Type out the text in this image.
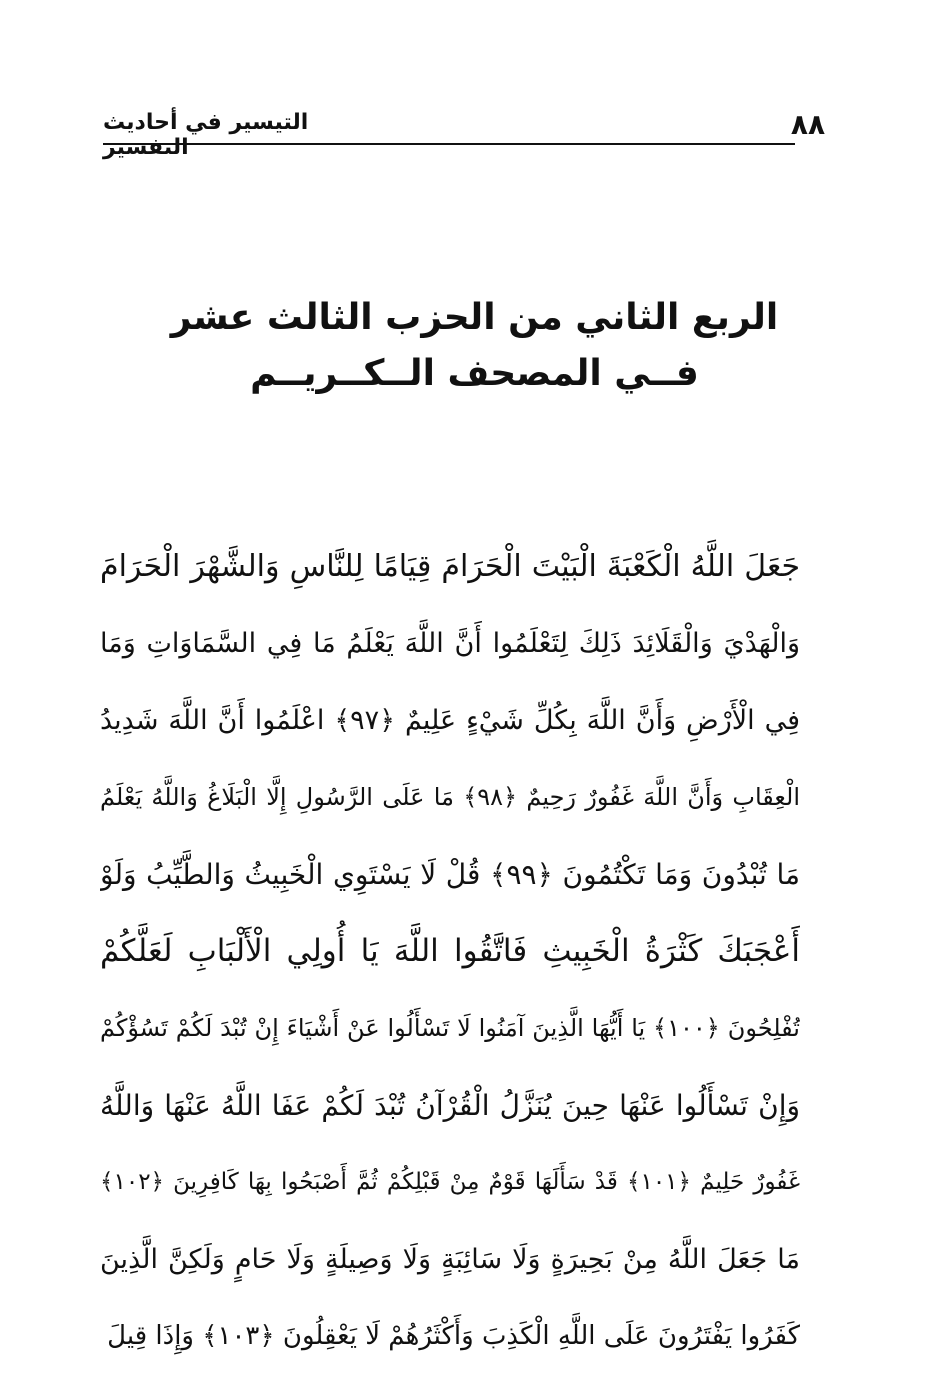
٨٨
التيسير في أحاديث التفسير
الربع الثاني من الحزب الثالث عشر
فــي المصحف الــكــريــم
جَعَلَ اللَّهُ الْكَعْبَةَ الْبَيْتَ الْحَرَامَ قِيَامًا لِلنَّاسِ وَالشَّهْرَ الْحَرَامَ
وَالْهَدْيَ وَالْقَلَائِدَ ذَلِكَ لِتَعْلَمُوا أَنَّ اللَّهَ يَعْلَمُ مَا فِي السَّمَاوَاتِ وَمَا
فِي الْأَرْضِ وَأَنَّ اللَّهَ بِكُلِّ شَيْءٍ عَلِيمٌ ﴿٩٧﴾ اعْلَمُوا أَنَّ اللَّهَ شَدِيدُ
الْعِقَابِ وَأَنَّ اللَّهَ غَفُورٌ رَحِيمٌ ﴿٩٨﴾ مَا عَلَى الرَّسُولِ إِلَّا الْبَلَاغُ وَاللَّهُ يَعْلَمُ
مَا تُبْدُونَ وَمَا تَكْتُمُونَ ﴿٩٩﴾ قُلْ لَا يَسْتَوِي الْخَبِيثُ وَالطَّيِّبُ وَلَوْ
أَعْجَبَكَ كَثْرَةُ الْخَبِيثِ فَاتَّقُوا اللَّهَ يَا أُولِي الْأَلْبَابِ لَعَلَّكُمْ
تُفْلِحُونَ ﴿١٠٠﴾ يَا أَيُّهَا الَّذِينَ آمَنُوا لَا تَسْأَلُوا عَنْ أَشْيَاءَ إِنْ تُبْدَ لَكُمْ تَسُؤْكُمْ
وَإِنْ تَسْأَلُوا عَنْهَا حِينَ يُنَزَّلُ الْقُرْآنُ تُبْدَ لَكُمْ عَفَا اللَّهُ عَنْهَا وَاللَّهُ
غَفُورٌ حَلِيمٌ ﴿١٠١﴾ قَدْ سَأَلَهَا قَوْمٌ مِنْ قَبْلِكُمْ ثُمَّ أَصْبَحُوا بِهَا كَافِرِينَ ﴿١٠٢﴾
مَا جَعَلَ اللَّهُ مِنْ بَحِيرَةٍ وَلَا سَائِبَةٍ وَلَا وَصِيلَةٍ وَلَا حَامٍ وَلَكِنَّ الَّذِينَ
كَفَرُوا يَفْتَرُونَ عَلَى اللَّهِ الْكَذِبَ وَأَكْثَرُهُمْ لَا يَعْقِلُونَ ﴿١٠٣﴾ وَإِذَا قِيلَ
